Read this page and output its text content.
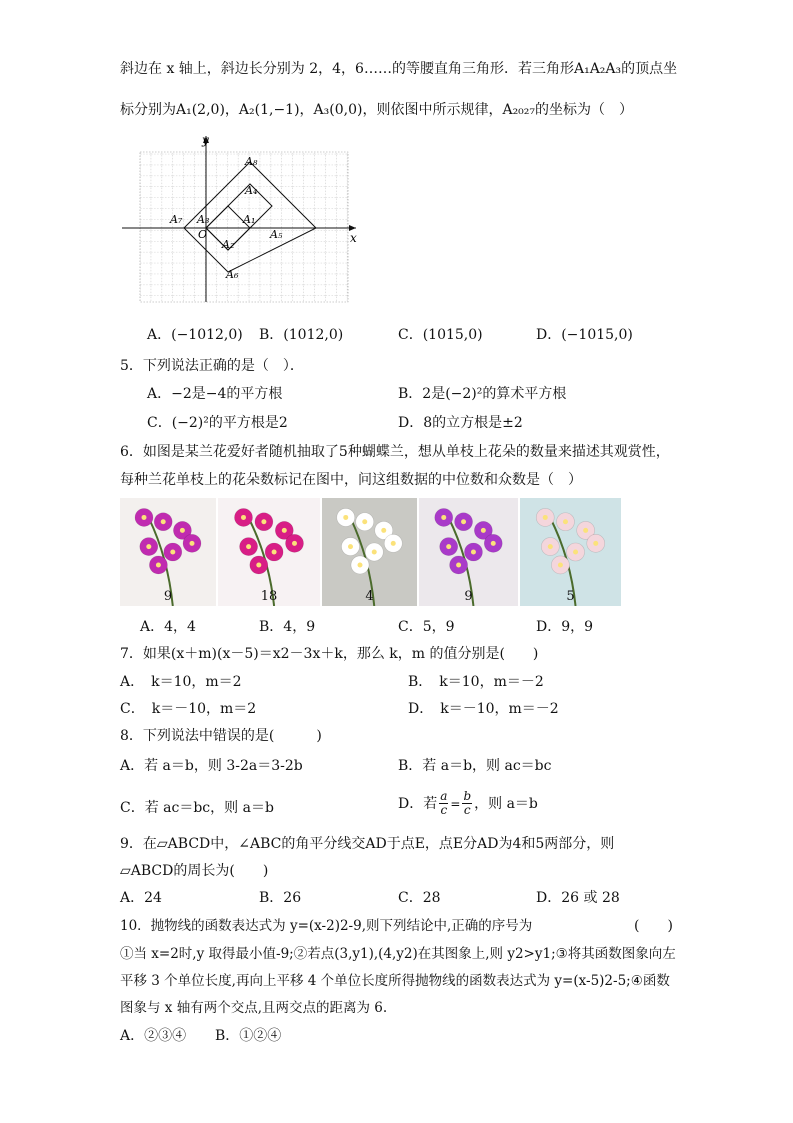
斜边在 x 轴上，斜边长分别为 2，4，6……的等腰直角三角形．若三角形A₁A₂A₃的顶点坐
标分别为A₁(2,0)，A₂(1,−1)，A₃(0,0)，则依图中所示规律，A₂₀₂₇的坐标为（　）
y
x
O
A₈
A₄
A₇ A₃	A₁
A₂
A₅
A₆
A．(−1012,0) B．(1012,0)	C．(1015,0)	D．(−1015,0)
5．下列说法正确的是（　）．
A．−2是−4的平方根	B．2是(−2)²的算术平方根
C．(−2)²的平方根是2	D．8的立方根是±2
6．如图是某兰花爱好者随机抽取了5种蝴蝶兰，想从单枝上花朵的数量来描述其观赏性，
每种兰花单枝上的花朵数标记在图中，问这组数据的中位数和众数是（　）
9	18	4	9	5
A．4，4	B．4，9	C．5，9	D．9，9
7．如果(x＋m)(x－5)＝x2－3x＋k，那么 k，m 的值分别是(　　)
A．　k＝10，m＝2	B．　k＝10，m＝－2
C．　k＝－10，m＝2	D．　k＝－10，m＝－2
8．下列说法中错误的是(　　　)
A．若 a＝b，则 3-2a＝3-2b	B．若 a＝b，则 ac＝bc
C．若 ac＝bc，则 a＝b	D．若 $\frac{a}{c} = \frac{b}{c}$ ，则 a＝b
9．在▱ABCD中，∠ABC的角平分线交AD于点E，点E分AD为4和5两部分，则
▱ABCD的周长为(　　)
A．24	B．26	C．28	D．26 或 28
10．抛物线的函数表达式为 y=(x-2)2-9,则下列结论中,正确的序号为	(　　)
①当 x=2时,y 取得最小值-9;②若点(3,y1),(4,y2)在其图象上,则 y2>y1;③将其函数图象向左
平移 3 个单位长度,再向上平移 4 个单位长度所得抛物线的函数表达式为 y=(x-5)2-5;④函数
图象与 x 轴有两个交点,且两交点的距离为 6.
A．②③④ B．①②④
